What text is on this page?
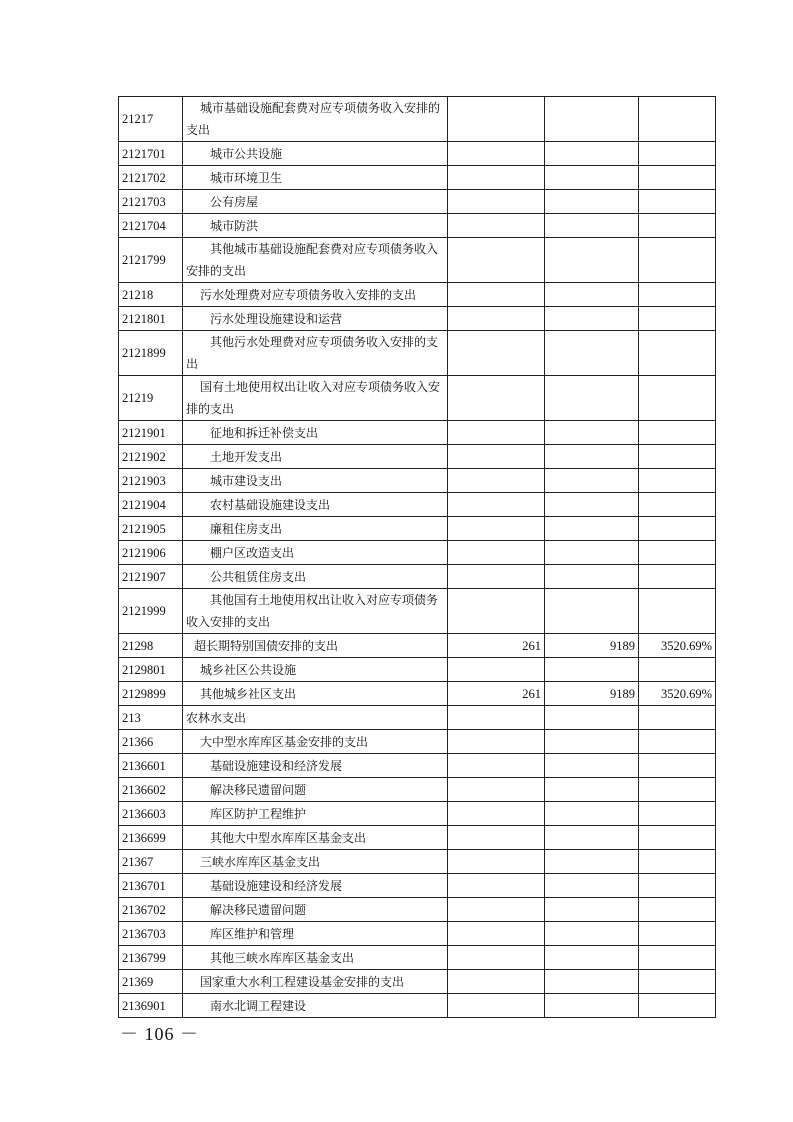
21217	城市基础设施配套费对应专项债务收入安排的支出			
2121701	城市公共设施			
2121702	城市环境卫生			
2121703	公有房屋			
2121704	城市防洪			
2121799	其他城市基础设施配套费对应专项债务收入安排的支出			
21218	污水处理费对应专项债务收入安排的支出			
2121801	污水处理设施建设和运营			
2121899	其他污水处理费对应专项债务收入安排的支出			
21219	国有土地使用权出让收入对应专项债务收入安排的支出			
2121901	征地和拆迁补偿支出			
2121902	土地开发支出			
2121903	城市建设支出			
2121904	农村基础设施建设支出			
2121905	廉租住房支出			
2121906	棚户区改造支出			
2121907	公共租赁住房支出			
2121999	其他国有土地使用权出让收入对应专项债务收入安排的支出			
21298	超长期特别国债安排的支出	261	9189	3520.69%
2129801	城乡社区公共设施			
2129899	其他城乡社区支出	261	9189	3520.69%
213	农林水支出			
21366	大中型水库库区基金安排的支出			
2136601	基础设施建设和经济发展			
2136602	解决移民遗留问题			
2136603	库区防护工程维护			
2136699	其他大中型水库库区基金支出			
21367	三峡水库库区基金支出			
2136701	基础设施建设和经济发展			
2136702	解决移民遗留问题			
2136703	库区维护和管理			
2136799	其他三峡水库库区基金支出			
21369	国家重大水利工程建设基金安排的支出			
2136901	南水北调工程建设			
－ 106 －
